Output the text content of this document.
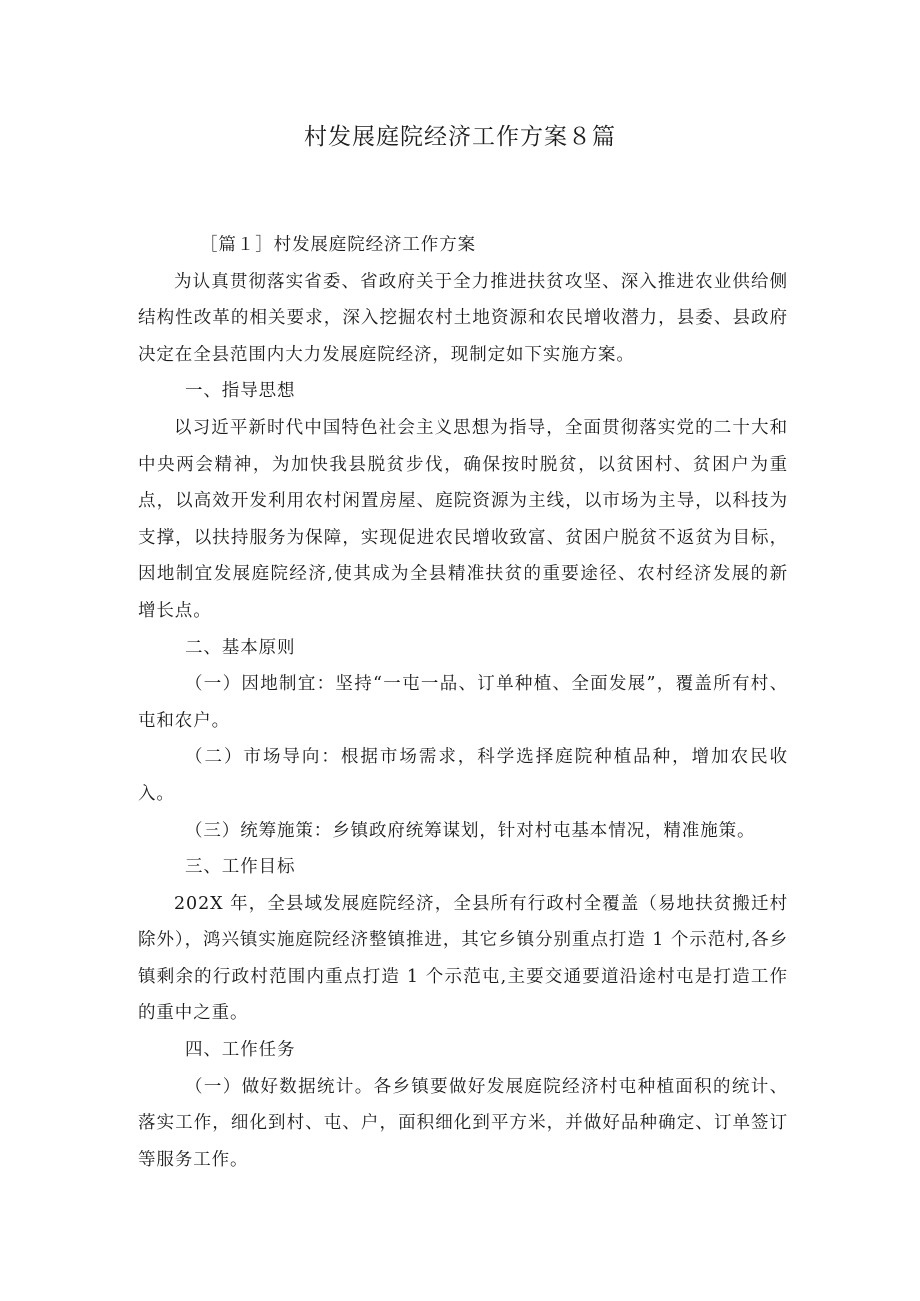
村发展庭院经济工作方案８篇

［篇１］村发展庭院经济工作方案

为认真贯彻落实省委、省政府关于全力推进扶贫攻坚、深入推进农业供给侧结构性改革的相关要求，深入挖掘农村土地资源和农民增收潜力，县委、县政府决定在全县范围内大力发展庭院经济，现制定如下实施方案。

一、指导思想

以习近平新时代中国特色社会主义思想为指导，全面贯彻落实党的二十大和中央两会精神，为加快我县脱贫步伐，确保按时脱贫，以贫困村、贫困户为重点，以高效开发利用农村闲置房屋、庭院资源为主线，以市场为主导，以科技为支撑，以扶持服务为保障，实现促进农民增收致富、贫困户脱贫不返贫为目标，因地制宜发展庭院经济,使其成为全县精准扶贫的重要途径、农村经济发展的新增长点。

二、基本原则

（一）因地制宜：坚持“一屯一品、订单种植、全面发展”，覆盖所有村、屯和农户。

（二）市场导向：根据市场需求，科学选择庭院种植品种，增加农民收入。

（三）统筹施策：乡镇政府统筹谋划，针对村屯基本情况，精准施策。

三、工作目标

202X 年，全县域发展庭院经济，全县所有行政村全覆盖（易地扶贫搬迁村除外），鸿兴镇实施庭院经济整镇推进，其它乡镇分别重点打造 1 个示范村,各乡镇剩余的行政村范围内重点打造 1 个示范屯,主要交通要道沿途村屯是打造工作的重中之重。

四、工作任务

（一）做好数据统计。各乡镇要做好发展庭院经济村屯种植面积的统计、落实工作，细化到村、屯、户，面积细化到平方米，并做好品种确定、订单签订等服务工作。
